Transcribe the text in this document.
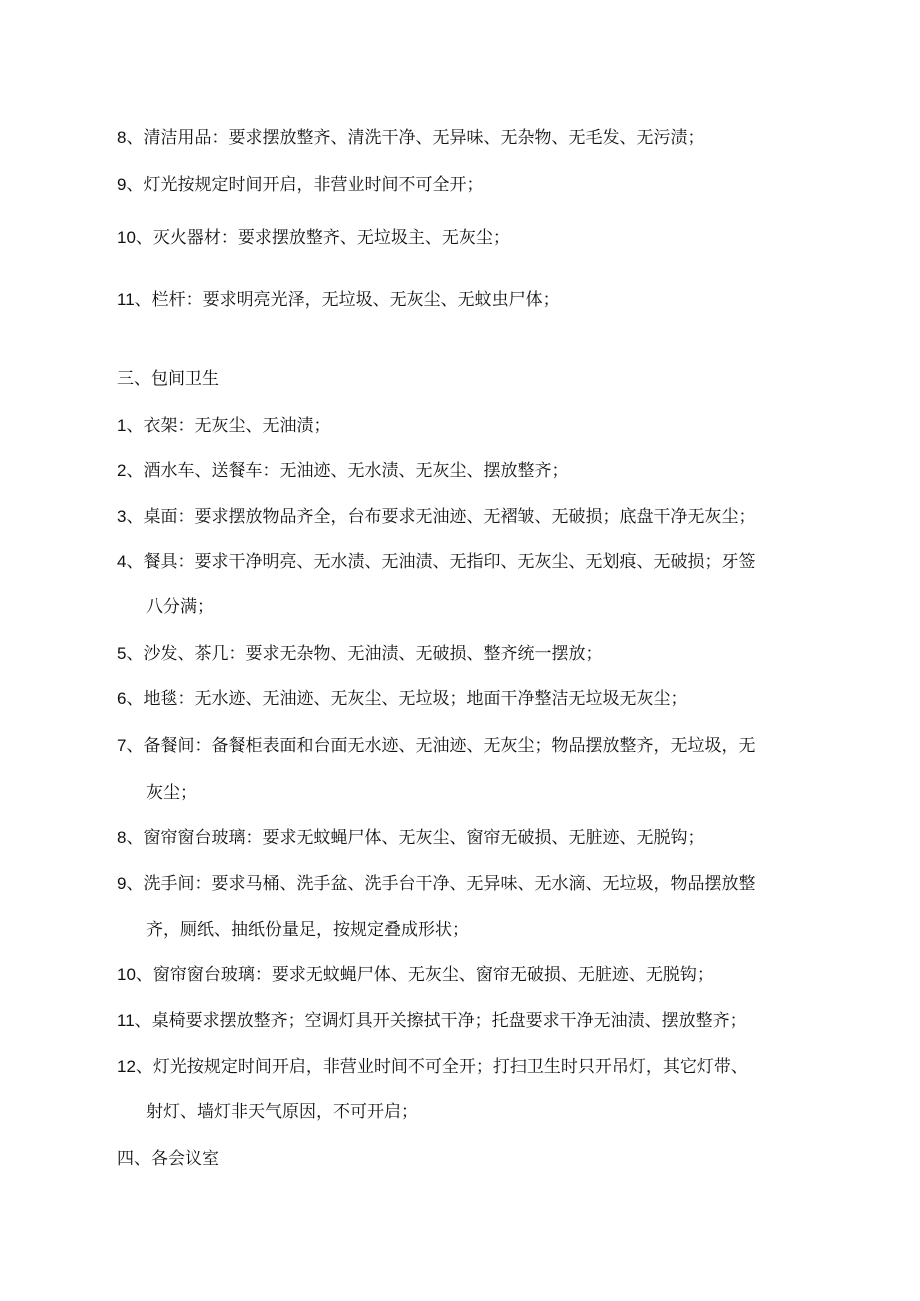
8、清洁用品：要求摆放整齐、清洗干净、无异味、无杂物、无毛发、无污渍；
9、灯光按规定时间开启，非营业时间不可全开；
10、灭火器材：要求摆放整齐、无垃圾主、无灰尘；
11、栏杆：要求明亮光泽，无垃圾、无灰尘、无蚊虫尸体；
三、包间卫生
1、衣架：无灰尘、无油渍；
2、酒水车、送餐车：无油迹、无水渍、无灰尘、摆放整齐；
3、桌面：要求摆放物品齐全，台布要求无油迹、无褶皱、无破损；底盘干净无灰尘；
4、餐具：要求干净明亮、无水渍、无油渍、无指印、无灰尘、无划痕、无破损；牙签
八分满；
5、沙发、茶几：要求无杂物、无油渍、无破损、整齐统一摆放；
6、地毯：无水迹、无油迹、无灰尘、无垃圾；地面干净整洁无垃圾无灰尘；
7、备餐间：备餐柜表面和台面无水迹、无油迹、无灰尘；物品摆放整齐，无垃圾，无
灰尘；
8、窗帘窗台玻璃：要求无蚊蝇尸体、无灰尘、窗帘无破损、无脏迹、无脱钩；
9、洗手间：要求马桶、洗手盆、洗手台干净、无异味、无水滴、无垃圾，物品摆放整
齐，厕纸、抽纸份量足，按规定叠成形状；
10、窗帘窗台玻璃：要求无蚊蝇尸体、无灰尘、窗帘无破损、无脏迹、无脱钩；
11、桌椅要求摆放整齐；空调灯具开关擦拭干净；托盘要求干净无油渍、摆放整齐；
12、灯光按规定时间开启，非营业时间不可全开；打扫卫生时只开吊灯，其它灯带、
射灯、墙灯非天气原因，不可开启；
四、各会议室
